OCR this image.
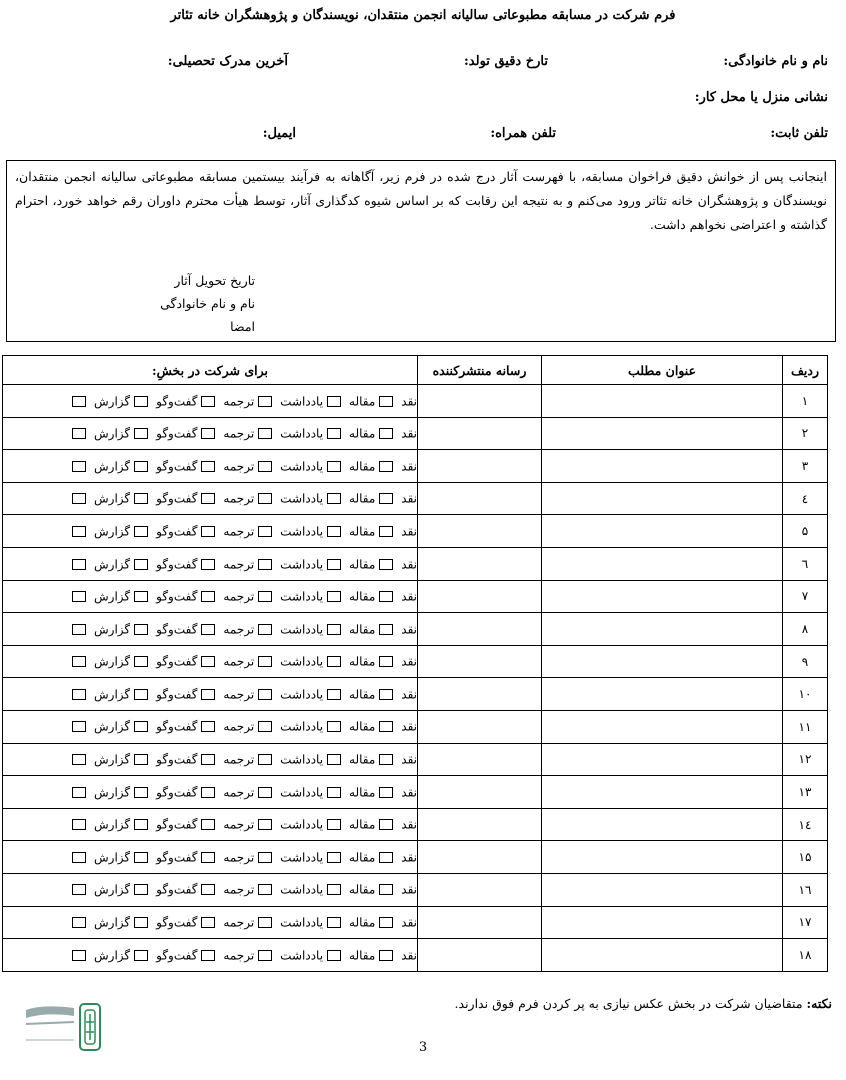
فرم شرکت در مسابقه مطبوعاتی سالیانه انجمن منتقدان، نویسندگان و پژوهشگران خانه تئاتر
نام و نام خانوادگی:
تارخ دقیق تولد:
آخرین مدرک تحصیلی:
نشانی منزل یا محل کار:
تلفن ثابت:
تلفن همراه:
ایمیل:
اینجانب پس از خوانش دقیق فراخوان مسابقه، با فهرست آثار درج شده در فرم زیر، آگاهانه به فرآیند بیستمین مسابقه مطبوعاتی سالیانه انجمن منتقدان، نویسندگان و پژوهشگران خانه تئاتر ورود می‌کنم و به نتیجه این رقابت که بر اساس شیوه کدگذاری آثار، توسط هیأت محترم داوران رقم خواهد خورد، احترام گذاشته و اعتراضی نخواهم داشت.
تاریخ تحویل آثار
نام و نام خانوادگی
امضا
ردیف	عنوان مطلب	رسانه منتشرکننده	برای شرکت در بخشِ:
۱			نقدمقالهیادداشتترجمهگفت‌وگوگزارش
۲			نقدمقالهیادداشتترجمهگفت‌وگوگزارش
۳			نقدمقالهیادداشتترجمهگفت‌وگوگزارش
٤			نقدمقالهیادداشتترجمهگفت‌وگوگزارش
۵			نقدمقالهیادداشتترجمهگفت‌وگوگزارش
٦			نقدمقالهیادداشتترجمهگفت‌وگوگزارش
۷			نقدمقالهیادداشتترجمهگفت‌وگوگزارش
۸			نقدمقالهیادداشتترجمهگفت‌وگوگزارش
۹			نقدمقالهیادداشتترجمهگفت‌وگوگزارش
۱۰			نقدمقالهیادداشتترجمهگفت‌وگوگزارش
۱۱			نقدمقالهیادداشتترجمهگفت‌وگوگزارش
۱۲			نقدمقالهیادداشتترجمهگفت‌وگوگزارش
۱۳			نقدمقالهیادداشتترجمهگفت‌وگوگزارش
۱٤			نقدمقالهیادداشتترجمهگفت‌وگوگزارش
۱۵			نقدمقالهیادداشتترجمهگفت‌وگوگزارش
۱٦			نقدمقالهیادداشتترجمهگفت‌وگوگزارش
۱۷			نقدمقالهیادداشتترجمهگفت‌وگوگزارش
۱۸			نقدمقالهیادداشتترجمهگفت‌وگوگزارش
نکته: متقاضیان شرکت در بخش عکس نیازی به پر کردن فرم فوق ندارند.
3
